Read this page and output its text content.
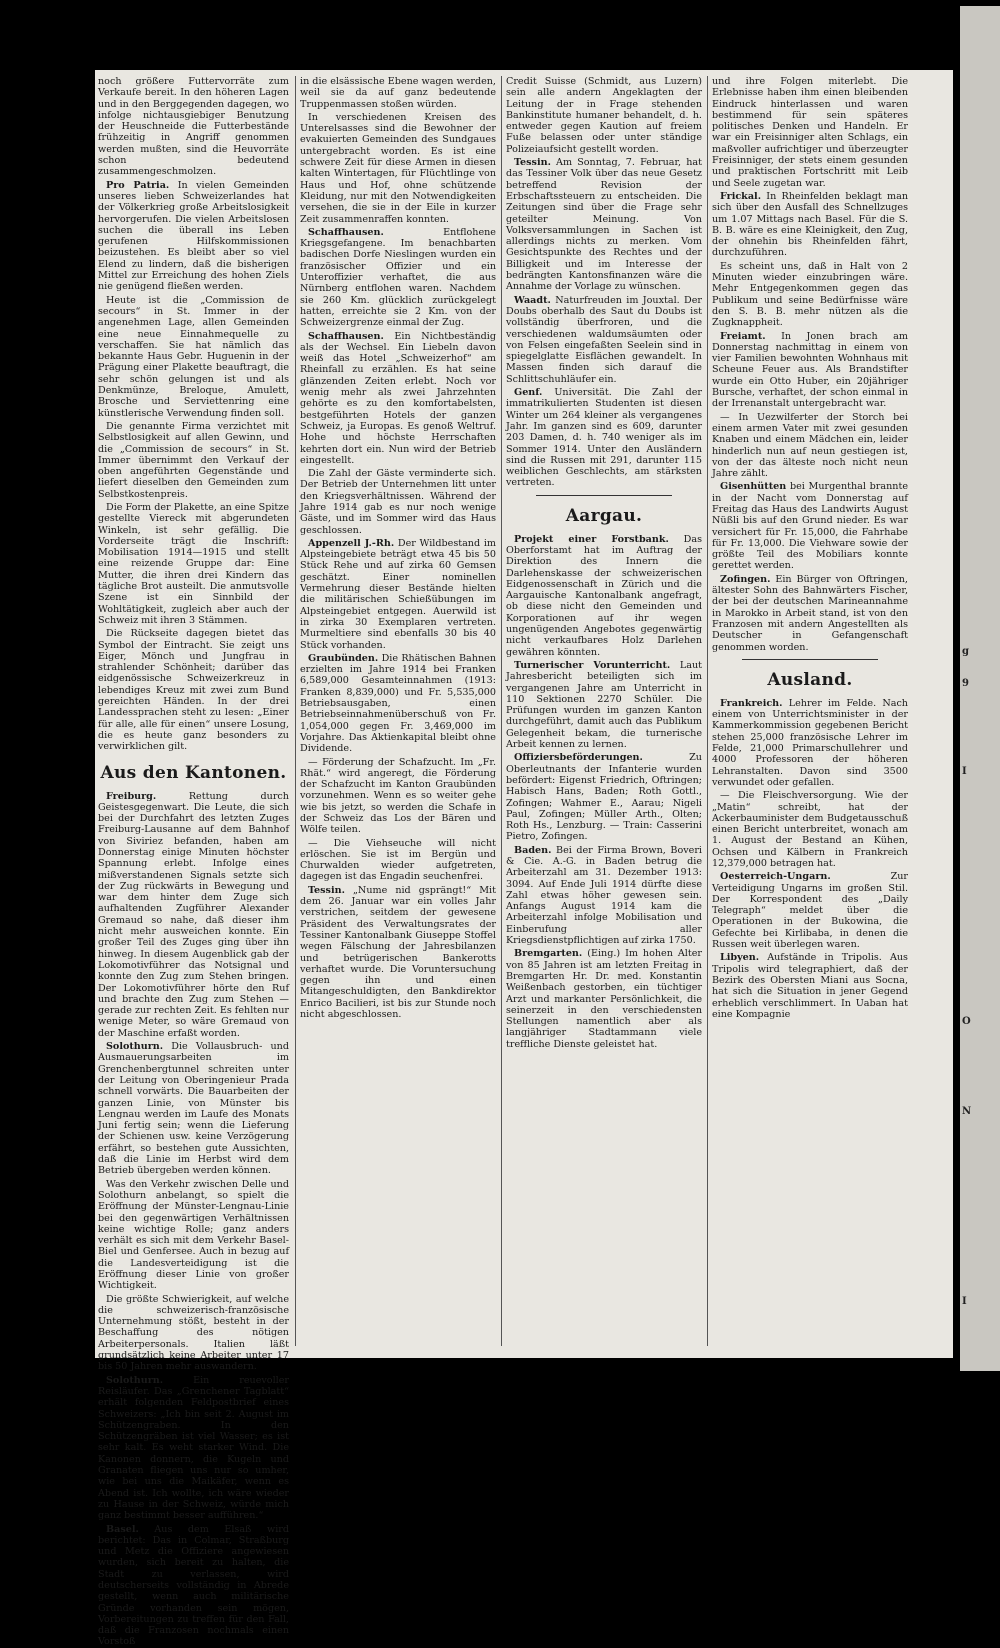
g
9
I
O
N
I

noch größere Futtervorräte zum Verkaufe bereit. In den höheren Lagen und in den Berggegenden dagegen, wo infolge nichtausgiebiger Benutzung der Heuschneide die Futterbestände frühzeitig in Angriff genommen werden mußten, sind die Heuvorräte schon bedeutend zusammengeschmolzen.

Pro Patria. In vielen Gemeinden unseres lieben Schweizerlandes hat der Völkerkrieg große Arbeitslosigkeit hervorgerufen. Die vielen Arbeitslosen suchen die überall ins Leben gerufenen Hilfskommissionen beizustehen. Es bleibt aber so viel Elend zu lindern, daß die bisherigen Mittel zur Erreichung des hohen Ziels nie genügend fließen werden.

Heute ist die „Commission de secours“ in St. Immer in der angenehmen Lage, allen Gemeinden eine neue Einnahmequelle zu verschaffen. Sie hat nämlich das bekannte Haus Gebr. Huguenin in der Prägung einer Plakette beauftragt, die sehr schön gelungen ist und als Denkmünze, Breloque, Amulett, Brosche und Serviettenring eine künstlerische Verwendung finden soll.

Die genannte Firma verzichtet mit Selbstlosigkeit auf allen Gewinn, und die „Commission de secours“ in St. Immer übernimmt den Verkauf der oben angeführten Gegenstände und liefert dieselben den Gemeinden zum Selbstkostenpreis.

Die Form der Plakette, an eine Spitze gestellte Viereck mit abgerundeten Winkeln, ist sehr gefällig. Die Vorderseite trägt die Inschrift: Mobilisation 1914—1915 und stellt eine reizende Gruppe dar: Eine Mutter, die ihren drei Kindern das tägliche Brot austeilt. Die anmutsvolle Szene ist ein Sinnbild der Wohltätigkeit, zugleich aber auch der Schweiz mit ihren 3 Stämmen.

Die Rückseite dagegen bietet das Symbol der Eintracht. Sie zeigt uns Eiger, Mönch und Jungfrau in strahlender Schönheit; darüber das eidgenössische Schweizerkreuz in lebendiges Kreuz mit zwei zum Bund gereichten Händen. In der drei Landessprachen steht zu lesen: „Einer für alle, alle für einen“ unsere Losung, die es heute ganz besonders zu verwirklichen gilt.

Aus den Kantonen.

Freiburg.	Rettung durch Geistesgegenwart. Die Leute, die sich bei der Durchfahrt des letzten Zuges Freiburg-Lausanne auf dem Bahnhof von Siviriez befanden, haben am Donnerstag einige Minuten höchster Spannung erlebt. Infolge eines mißverstandenen Signals setzte sich der Zug rückwärts in Bewegung und war dem hinter dem Zuge sich aufhaltenden Zugführer Alexander Gremaud so nahe, daß dieser ihm nicht mehr ausweichen konnte. Ein großer Teil des Zuges ging über ihn hinweg. In diesem Augenblick gab der Lokomotivführer das Notsignal und konnte den Zug zum Stehen bringen. Der Lokomotivführer hörte den Ruf und brachte den Zug zum Stehen — gerade zur rechten Zeit. Es fehlten nur wenige Meter, so wäre Gremaud von der Maschine erfaßt worden.

Solothurn. Die Vollausbruch- und Ausmauerungsarbeiten im Grenchenbergtunnel schreiten unter der Leitung von Oberingenieur Prada schnell vorwärts. Die Bauarbeiten der ganzen Linie, von Münster bis Lengnau werden im Laufe des Monats Juni fertig sein; wenn die Lieferung der Schienen usw. keine Verzögerung erfährt, so bestehen gute Aussichten, daß die Linie im Herbst wird dem Betrieb übergeben werden können.

Was den Verkehr zwischen Delle und Solothurn anbelangt, so spielt die Eröffnung der Münster-Lengnau-Linie bei den gegenwärtigen Verhältnissen keine wichtige Rolle; ganz anders verhält es sich mit dem Verkehr Basel-Biel und Genfersee. Auch in bezug auf die Landesverteidigung ist die Eröffnung dieser Linie von großer Wichtigkeit.

Die größte Schwierigkeit, auf welche die schweizerisch-französische Unternehmung stößt, besteht in der Beschaffung des nötigen Arbeiterpersonals. Italien läßt grundsätzlich keine Arbeiter unter 17 bis 50 Jahren mehr auswandern.

Solothurn.	Ein reuevoller Reisläufer. Das „Grenchener Tagblatt“ erhält folgenden Feldpostbrief eines Schweizers: „Ich bin seit 2. August im Schützengraben. In den Schützengräben ist viel Wasser; es ist sehr kalt. Es weht starker Wind. Die Kanonen donnern, die Kugeln und Granaten fliegen uns nur so umher, wie bei uns die Maikäfer, wenn es Abend ist. Ich wollte, ich wäre wieder zu Hause in der Schweiz, würde mich ganz bestimmt besser aufführen.“

Basel. Aus dem Elsaß wird berichtet: Das in Colmar, Straßburg und Metz die Offiziere angewiesen wurden, sich bereit zu halten, die Stadt zu verlassen, wird deutscherseits vollständig in Abrede gestellt, wenn auch militärische Gründe vorhanden sein mögen, Vorbereitungen zu treffen für den Fall, daß die Franzosen nochmals einen Vorstoß

in die elsässische Ebene wagen werden, weil sie da auf ganz bedeutende Truppenmassen stoßen würden.

In verschiedenen Kreisen des Unterelsasses sind die Bewohner der evakuierten Gemeinden des Sundgaues untergebracht worden. Es ist eine schwere Zeit für diese Armen in diesen kalten Wintertagen, für Flüchtlinge von Haus und Hof, ohne schützende Kleidung, nur mit den Notwendigkeiten versehen, die sie in der Eile in kurzer Zeit zusammenraffen konnten.

Schaffhausen.	Entflohene Kriegsgefangene. Im benachbarten badischen Dorfe Nieslingen wurden ein französischer Offizier und ein Unteroffizier verhaftet, die aus Nürnberg entflohen waren. Nachdem sie 260 Km. glücklich zurückgelegt hatten, erreichte sie 2 Km. von der Schweizergrenze einmal der Zug.

Schaffhausen. Ein Nichtbeständig als der Wechsel. Ein Liebeln davon weiß das Hotel „Schweizerhof“ am Rheinfall zu erzählen. Es hat seine glänzenden Zeiten erlebt. Noch vor wenig mehr als zwei Jahrzehnten gehörte es zu den komfortabelsten, bestgeführten Hotels der ganzen Schweiz, ja Europas. Es genoß Weltruf. Hohe und höchste Herrschaften kehrten dort ein. Nun wird der Betrieb eingestellt.

Die Zahl der Gäste verminderte sich. Der Betrieb der Unternehmen litt unter den Kriegsverhältnissen. Während der Jahre 1914 gab es nur noch wenige Gäste, und im Sommer wird das Haus geschlossen.

Appenzell J.-Rh. Der Wildbestand im Alpsteingebiete beträgt etwa 45 bis 50 Stück Rehe und auf zirka 60 Gemsen geschätzt. Einer nominellen Vermehrung dieser Bestände hielten die militärischen Schießübungen im Alpsteingebiet entgegen. Auerwild ist in zirka 30 Exemplaren vertreten. Murmeltiere sind ebenfalls 30 bis 40 Stück vorhanden.

Graubünden. Die Rhätischen Bahnen erzielten im Jahre 1914 bei Franken 6,589,000 Gesamteinnahmen (1913: Franken 8,839,000) und Fr. 5,535,000 Betriebsausgaben, einen Betriebseinnahmenüberschuß von Fr. 1,054,000 gegen Fr. 3,469,000 im Vorjahre. Das Aktienkapital bleibt ohne Dividende.

— Förderung der Schafzucht. Im „Fr. Rhät.“ wird angeregt, die Förderung der Schafzucht im Kanton Graubünden vorzunehmen. Wenn es so weiter gehe wie bis jetzt, so werden die Schafe in der Schweiz das Los der Bären und Wölfe teilen.

— Die Viehseuche will nicht erlöschen. Sie ist im Bergün und Churwalden wieder aufgetreten, dagegen ist das Engadin seuchenfrei.

Tessin. „Nume nid gsprängt!“ Mit dem 26. Januar war ein volles Jahr verstrichen, seitdem der gewesene Präsident des Verwaltungsrates der Tessiner Kantonalbank Giuseppe Stoffel wegen Fälschung der Jahresbilanzen und betrügerischen Bankerotts verhaftet wurde. Die Voruntersuchung gegen ihn und einen Mitangeschuldigten, den Bankdirektor Enrico Bacilieri, ist bis zur Stunde noch nicht abgeschlossen.

Credit Suisse (Schmidt, aus Luzern) sein alle andern Angeklagten der Leitung der in Frage stehenden Bankinstitute humaner behandelt, d. h. entweder gegen Kaution auf freiem Fuße belassen oder unter ständige Polizeiaufsicht gestellt worden.

Tessin. Am Sonntag, 7. Februar, hat das Tessiner Volk über das neue Gesetz betreffend Revision der Erbschaftssteuern zu entscheiden. Die Zeitungen sind über die Frage sehr geteilter Meinung. Von Volksversammlungen in Sachen ist allerdings nichts zu merken. Vom Gesichtspunkte des Rechtes und der Billigkeit und im Interesse der bedrängten Kantonsfinanzen wäre die Annahme der Vorlage zu wünschen.

Waadt. Naturfreuden im Jouxtal. Der Doubs oberhalb des Saut du Doubs ist vollständig überfroren, und die verschiedenen waldumsäumten oder von Felsen eingefaßten Seelein sind in spiegelglatte Eisflächen gewandelt. In Massen finden sich darauf die Schlittschuhläufer ein.

Genf. Universität. Die Zahl der immatrikulierten Studenten ist diesen Winter um 264 kleiner als vergangenes Jahr. Im ganzen sind es 609, darunter 203 Damen, d. h. 740 weniger als im Sommer 1914. Unter den Ausländern sind die Russen mit 291, darunter 115 weiblichen Geschlechts, am stärksten vertreten.

Aargau.

Projekt einer Forstbank. Das Oberforstamt hat im Auftrag der Direktion des Innern die Darlehenskasse der schweizerischen Eidgenossenschaft in Zürich und die Aargauische Kantonalbank angefragt, ob diese nicht den Gemeinden und Korporationen auf ihr wegen ungenügenden Angebotes gegenwärtig nicht verkaufbares Holz Darlehen gewähren könnten.

Turnerischer Vorunterricht. Laut Jahresbericht beteiligten sich im vergangenen Jahre am Unterricht in 110 Sektionen 2270 Schüler. Die Prüfungen wurden im ganzen Kanton durchgeführt, damit auch das Publikum Gelegenheit bekam, die turnerische Arbeit kennen zu lernen.

Offiziersbeförderungen.	Zu Oberleutnants der Infanterie wurden befördert: Eigenst Friedrich, Oftringen; Habisch Hans, Baden; Roth Gottl., Zofingen; Wahmer E., Aarau; Nigeli Paul, Zofingen; Müller Arth., Olten; Roth Hs., Lenzburg. — Train: Casserini Pietro, Zofingen.

Baden. Bei der Firma Brown, Boveri & Cie. A.-G. in Baden betrug die Arbeiterzahl am 31. Dezember 1913: 3094. Auf Ende Juli 1914 dürfte diese Zahl etwas höher gewesen sein. Anfangs August 1914 kam die Arbeiterzahl infolge Mobilisation und Einberufung aller Kriegsdienstpflichtigen auf zirka 1750.

Bremgarten. (Eing.) Im hohen Alter von 85 Jahren ist am letzten Freitag in Bremgarten Hr. Dr. med. Konstantin Weißenbach gestorben, ein tüchtiger Arzt und markanter Persönlichkeit, die seinerzeit in den verschiedensten Stellungen namentlich aber als langjähriger Stadtammann viele treffliche Dienste geleistet hat.

und ihre Folgen miterlebt. Die Erlebnisse haben ihm einen bleibenden Eindruck hinterlassen und waren bestimmend für sein späteres politisches Denken und Handeln. Er war ein Freisinniger alten Schlags, ein maßvoller aufrichtiger und überzeugter Freisinniger, der stets einem gesunden und praktischen Fortschritt mit Leib und Seele zugetan war.

Frickal. In Rheinfelden beklagt man sich über den Ausfall des Schnellzuges um 1.07 Mittags nach Basel. Für die S. B. B. wäre es eine Kleinigkeit, den Zug, der ohnehin bis Rheinfelden fährt, durchzuführen.

Es scheint uns, daß in Halt von 2 Minuten wieder einzubringen wäre. Mehr Entgegenkommen gegen das Publikum und seine Bedürfnisse wäre den S. B. B. mehr nützen als die Zugknappheit.

Freiamt. In Jonen brach am Donnerstag nachmittag in einem von vier Familien bewohnten Wohnhaus mit Scheune Feuer aus. Als Brandstifter wurde ein Otto Huber, ein 20jähriger Bursche, verhaftet, der schon einmal in der Irrenanstalt untergebracht war.

— In Uezwilferter der Storch bei einem armen Vater mit zwei gesunden Knaben und einem Mädchen ein, leider hinderlich nun auf neun gestiegen ist, von der das älteste noch nicht neun Jahre zählt.

Gisenhütten bei Murgenthal brannte in der Nacht vom Donnerstag auf Freitag das Haus des Landwirts August Nüßli bis auf den Grund nieder. Es war versichert für Fr. 15,000, die Fahrhabe für Fr. 13,000. Die Viehware sowie der größte Teil des Mobiliars konnte gerettet werden.

Zofingen. Ein Bürger von Oftringen, ältester Sohn des Bahnwärters Fischer, der bei der deutschen Marineannahme in Marokko in Arbeit stand, ist von den Franzosen mit andern Angestellten als Deutscher in Gefangenschaft genommen worden.

Ausland.

Frankreich. Lehrer im Felde. Nach einem von Unterrichtsminister in der Kammerkommission gegebenen Bericht stehen 25,000 französische Lehrer im Felde, 21,000 Primarschullehrer und 4000 Professoren der höheren Lehranstalten. Davon sind 3500 verwundet oder gefallen.

— Die Fleischversorgung. Wie der „Matin“ schreibt, hat der Ackerbauminister dem Budgetausschuß einen Bericht unterbreitet, wonach am 1. August der Bestand an Kühen, Ochsen und Kälbern in Frankreich 12,379,000 betragen hat.

Oesterreich-Ungarn.	Zur Verteidigung Ungarns im großen Stil. Der Korrespondent des „Daily Telegraph“ meldet über die Operationen in der Bukowina, die Gefechte bei Kirlibaba, in denen die Russen weit überlegen waren.

Libyen. Aufstände in Tripolis. Aus Tripolis wird telegraphiert, daß der Bezirk des Obersten Miani aus Socna, hat sich die Situation in jener Gegend erheblich verschlimmert. In Uaban hat eine Kompagnie
